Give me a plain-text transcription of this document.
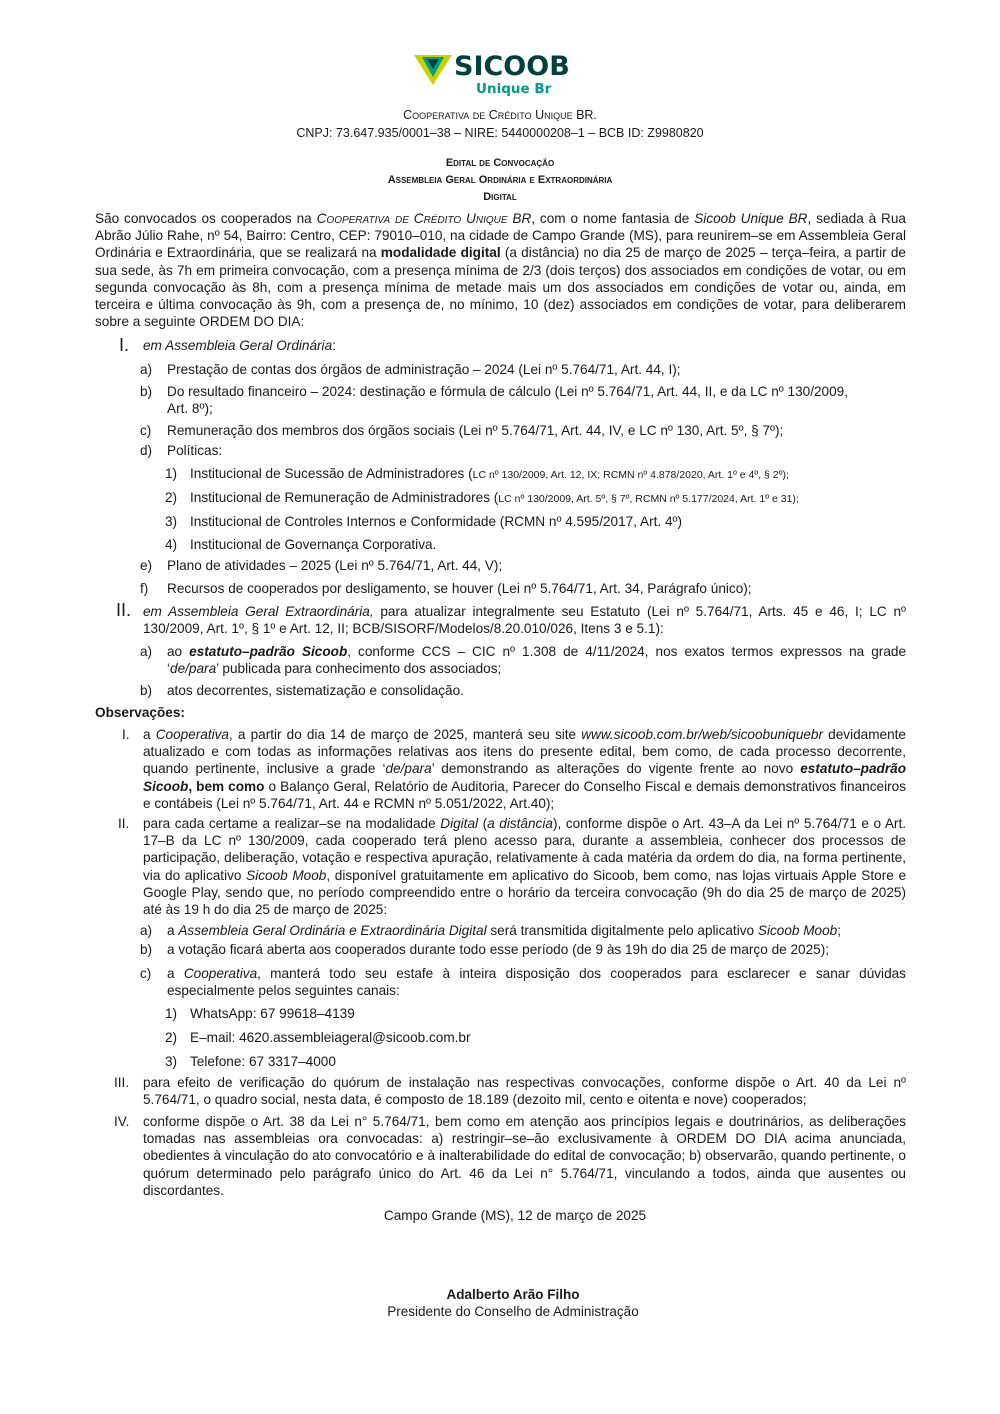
SICOOB
Unique Br
Cooperativa de Crédito Unique BR.
CNPJ: 73.647.935/0001–38 – NIRE: 5440000208–1 – BCB ID: Z9980820
Edital de Convocação
Assembleia Geral Ordinária e Extraordinária
Digital
São convocados os cooperados na Cooperativa de Crédito Unique BR, com o nome fantasia de Sicoob Unique BR, sediada à Rua Abrão Júlio Rahe, nº 54, Bairro: Centro, CEP: 79010–010, na cidade de Campo Grande (MS), para reunirem–se em Assembleia Geral Ordinária e Extraordinária, que se realizará na modalidade digital (a distância) no dia 25 de março de 2025 – terça–feira, a partir de sua sede, às 7h em primeira convocação, com a presença mínima de 2/3 (dois terços) dos associados em condições de votar, ou em segunda convocação às 8h, com a presença mínima de metade mais um dos associados em condições de votar ou, ainda, em terceira e última convocação às 9h, com a presença de, no mínimo, 10 (dez) associados em condições de votar, para deliberarem sobre a seguinte ORDEM DO DIA:
I. em Assembleia Geral Ordinária:
a) Prestação de contas dos órgãos de administração – 2024 (Lei nº 5.764/71, Art. 44, I);
b) Do resultado financeiro – 2024: destinação e fórmula de cálculo (Lei nº 5.764/71, Art. 44, II, e da LC nº 130/2009,
Art. 8º);
c) Remuneração dos membros dos órgãos sociais (Lei nº 5.764/71, Art. 44, IV, e LC nº 130, Art. 5º, § 7º);
d) Políticas:
1) Institucional de Sucessão de Administradores (LC nº 130/2009, Art. 12, IX; RCMN nº 4.878/2020, Art. 1º e 4º, § 2º);
2) Institucional de Remuneração de Administradores (LC nº 130/2009, Art. 5º, § 7º, RCMN nº 5.177/2024, Art. 1º e 31);
3) Institucional de Controles Internos e Conformidade (RCMN nº 4.595/2017, Art. 4º)
4) Institucional de Governança Corporativa.
e) Plano de atividades – 2025 (Lei nº 5.764/71, Art. 44, V);
f) Recursos de cooperados por desligamento, se houver (Lei nº 5.764/71, Art. 34, Parágrafo único);
II. em Assembleia Geral Extraordinária, para atualizar integralmente seu Estatuto (Lei nº 5.764/71, Arts. 45 e 46, I; LC nº 130/2009, Art. 1º, § 1º e Art. 12, II; BCB/SISORF/Modelos/8.20.010/026, Itens 3 e 5.1):
a) ao estatuto–padrão Sicoob, conforme CCS – CIC nº 1.308 de 4/11/2024, nos exatos termos expressos na grade ‘de/para’ publicada para conhecimento dos associados;
b) atos decorrentes, sistematização e consolidação.
Observações:
I. a Cooperativa, a partir do dia 14 de março de 2025, manterá seu site www.sicoob.com.br/web/sicoobuniquebr devidamente atualizado e com todas as informações relativas aos itens do presente edital, bem como, de cada processo decorrente, quando pertinente, inclusive a grade ‘de/para’ demonstrando as alterações do vigente frente ao novo estatuto–padrão Sicoob, bem como o Balanço Geral, Relatório de Auditoria, Parecer do Conselho Fiscal e demais demonstrativos financeiros e contábeis (Lei nº 5.764/71, Art. 44 e RCMN nº 5.051/2022, Art.40);
II. para cada certame a realizar–se na modalidade Digital (a distância), conforme dispõe o Art. 43–A da Lei nº 5.764/71 e o Art. 17–B da LC nº 130/2009, cada cooperado terá pleno acesso para, durante a assembleia, conhecer dos processos de participação, deliberação, votação e respectiva apuração, relativamente à cada matéria da ordem do dia, na forma pertinente, via do aplicativo Sicoob Moob, disponível gratuitamente em aplicativo do Sicoob, bem como, nas lojas virtuais Apple Store e Google Play, sendo que, no período compreendido entre o horário da terceira convocação (9h do dia 25 de março de 2025) até às 19 h do dia 25 de março de 2025:
a) a Assembleia Geral Ordinária e Extraordinária Digital será transmitida digitalmente pelo aplicativo Sicoob Moob;
b) a votação ficará aberta aos cooperados durante todo esse período (de 9 às 19h do dia 25 de março de 2025);
c) a Cooperativa, manterá todo seu estafe à inteira disposição dos cooperados para esclarecer e sanar dúvidas especialmente pelos seguintes canais:
1) WhatsApp: 67 99618–4139
2) E–mail: 4620.assembleiageral@sicoob.com.br
3) Telefone: 67 3317–4000
III. para efeito de verificação do quórum de instalação nas respectivas convocações, conforme dispõe o Art. 40 da Lei nº 5.764/71, o quadro social, nesta data, é composto de 18.189 (dezoito mil, cento e oitenta e nove) cooperados;
IV. conforme dispõe o Art. 38 da Lei n° 5.764/71, bem como em atenção aos princípios legais e doutrinários, as deliberações tomadas nas assembleias ora convocadas: a) restringir–se–ão exclusivamente à ORDEM DO DIA acima anunciada, obedientes à vinculação do ato convocatório e à inalterabilidade do edital de convocação; b) observarão, quando pertinente, o quórum determinado pelo parágrafo único do Art. 46 da Lei n° 5.764/71, vinculando a todos, ainda que ausentes ou discordantes.
Campo Grande (MS), 12 de março de 2025
Adalberto Arão Filho
Presidente do Conselho de Administração
